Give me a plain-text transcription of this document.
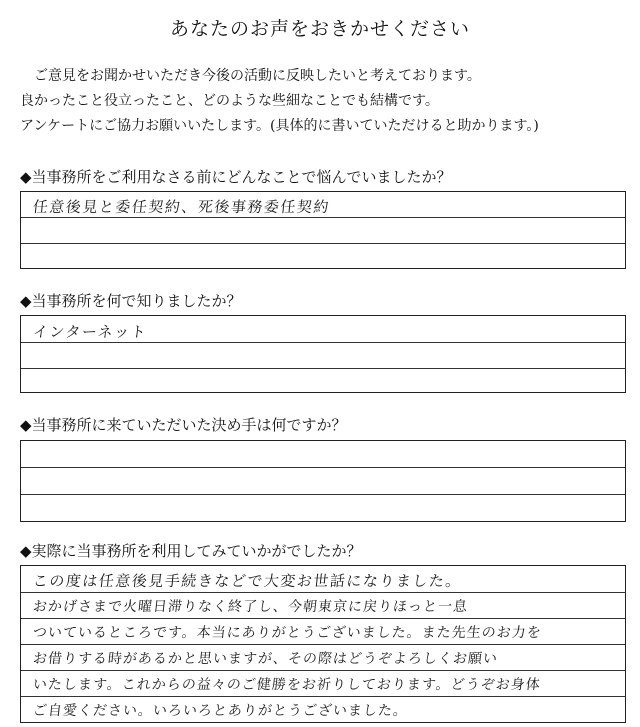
あなたのお声をおきかせください
ご意見をお聞かせいただき今後の活動に反映したいと考えております。
良かったこと役立ったこと、どのような些細なことでも結構です。
アンケートにご協力お願いいたします。(具体的に書いていただけると助かります。)
◆当事務所をご利用なさる前にどんなことで悩んでいましたか？
任意後見と委任契約、死後事務委任契約
◆当事務所を何で知りましたか？
インターネット
◆当事務所に来ていただいた決め手は何ですか？
◆実際に当事務所を利用してみていかがでしたか？
この度は任意後見手続きなどで大変お世話になりました。
おかげさまで火曜日滞りなく終了し、今朝東京に戻りほっと一息
ついているところです。本当にありがとうございました。また先生のお力を
お借りする時があるかと思いますが、その際はどうぞよろしくお願い
いたします。これからの益々のご健勝をお祈りしております。どうぞお身体
ご自愛ください。いろいろとありがとうございました。
